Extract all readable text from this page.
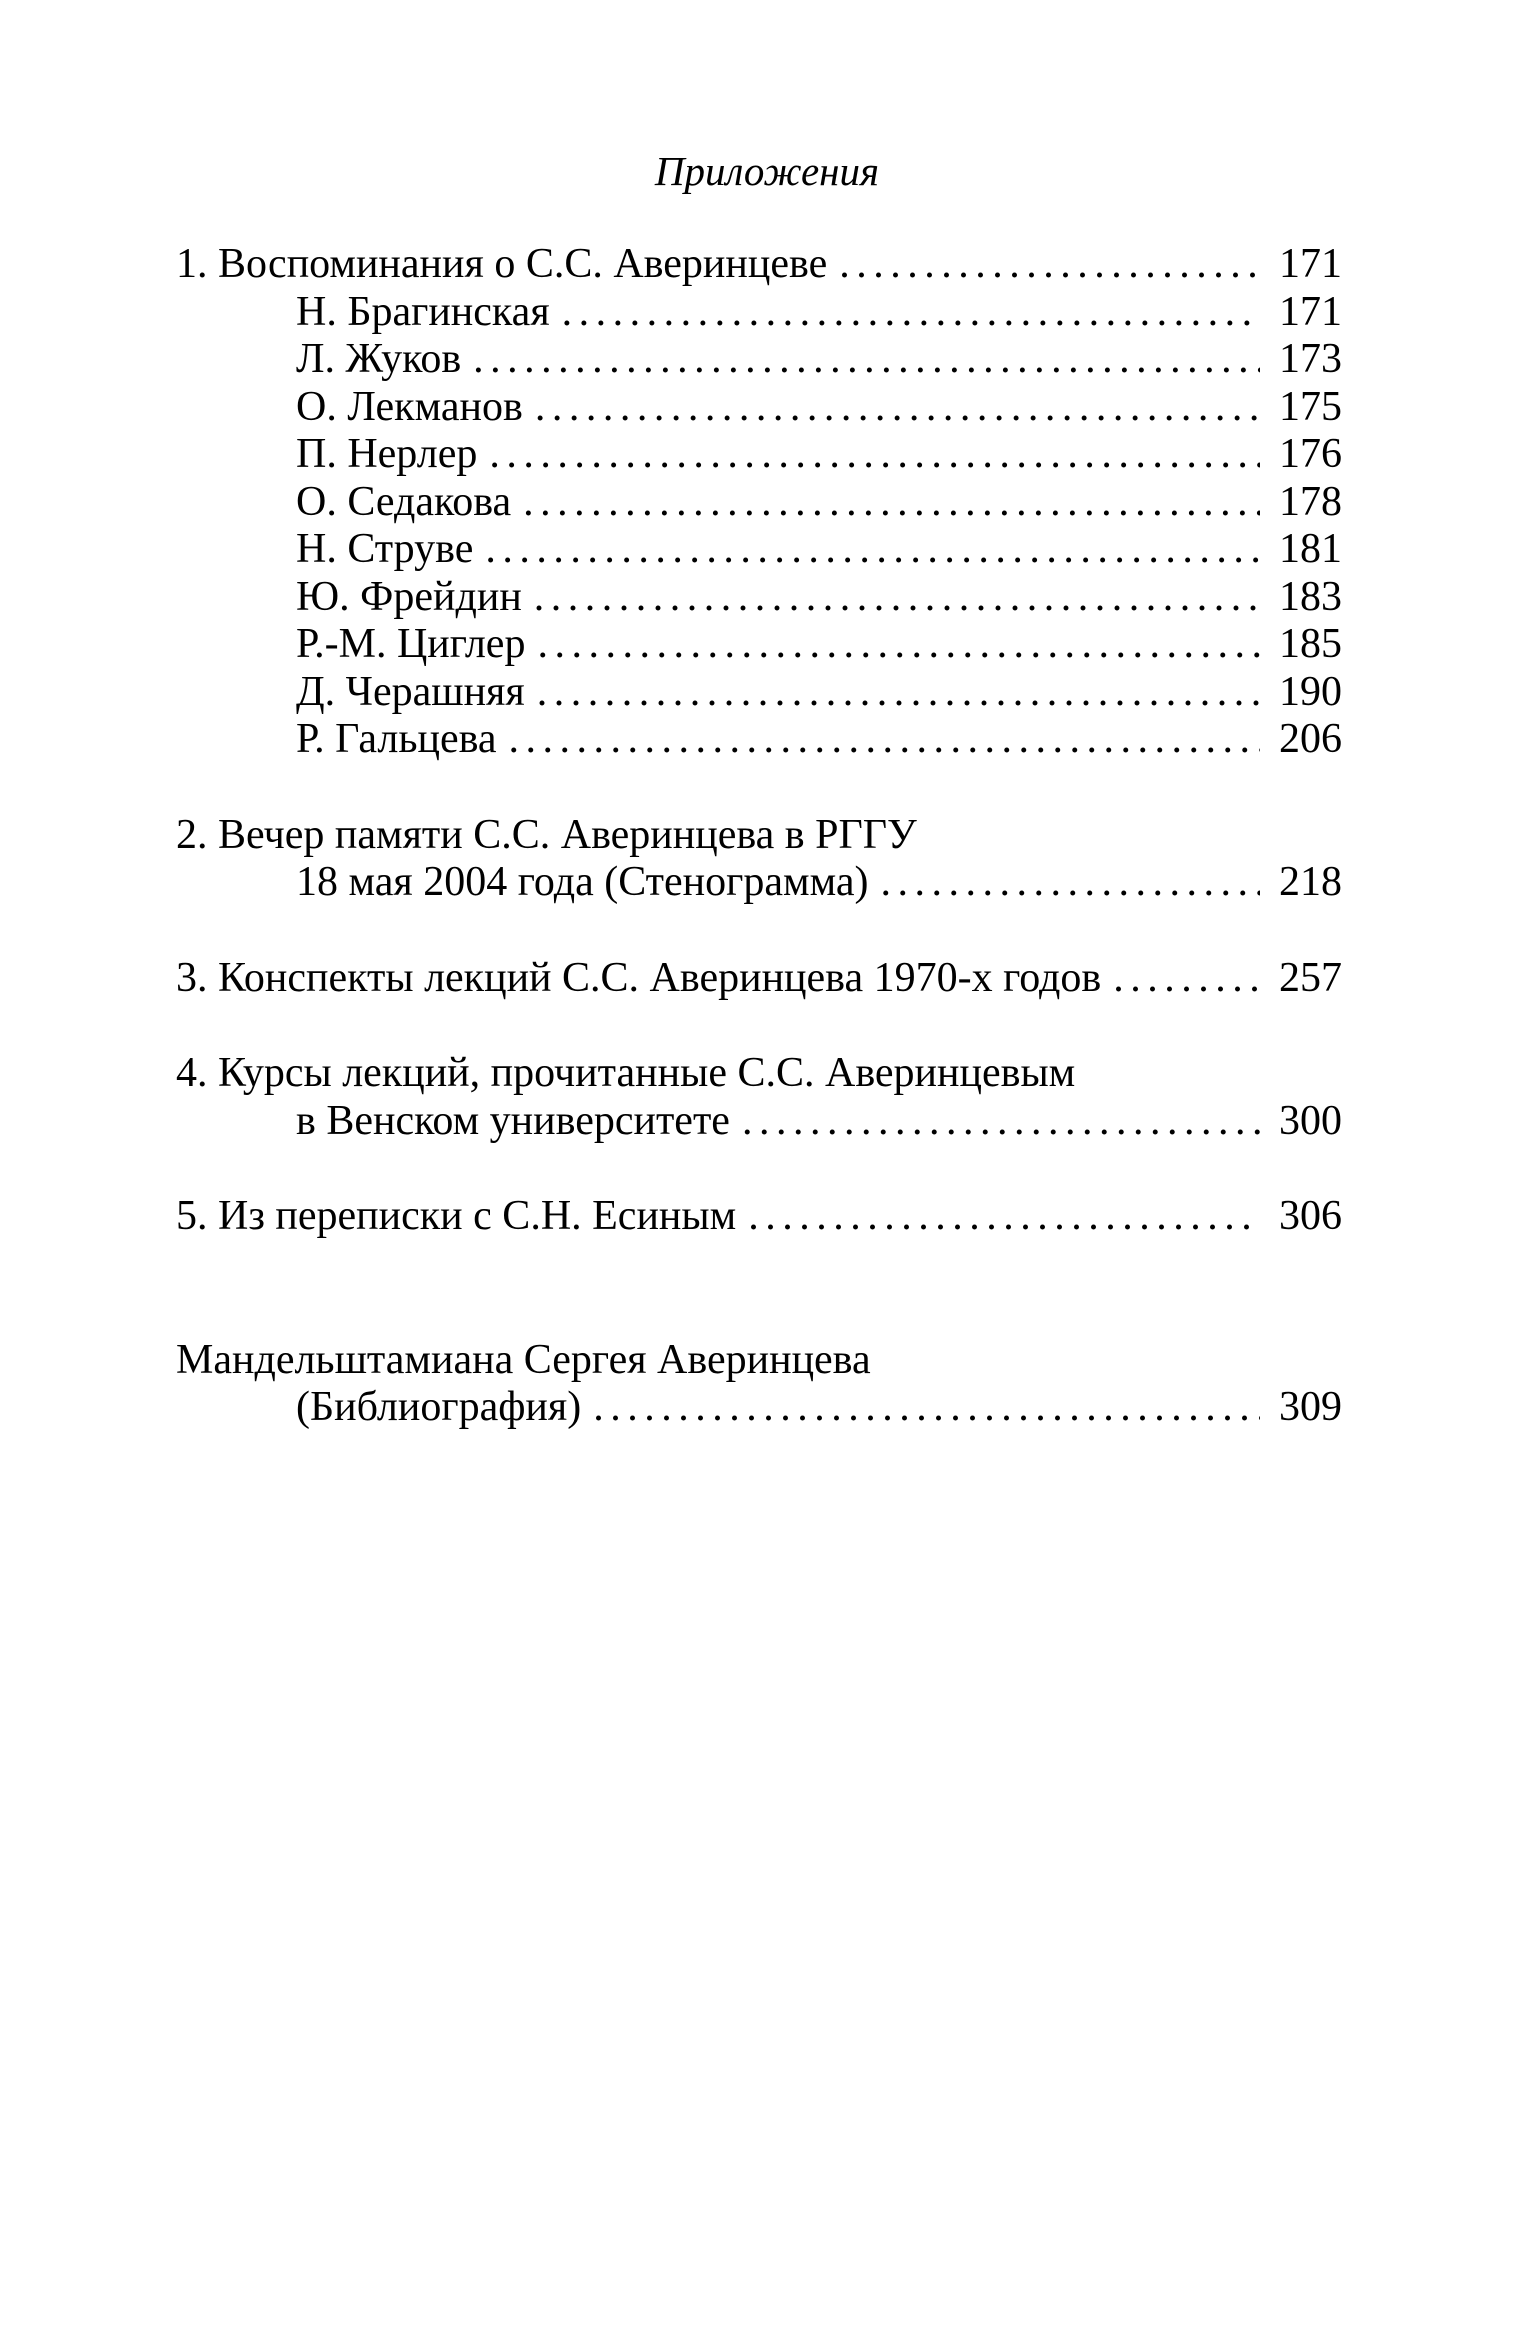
Приложения
1. Воспоминания о С.С. Аверинцеве . . .	171
Н. Брагинская . . .	171
Л. Жуков . . .	173
О. Лекманов . . .	175
П. Нерлер . . .	176
О. Седакова . . .	178
Н. Струве . . .	181
Ю. Фрейдин . . .	183
Р.-М. Циглер . . .	185
Д. Черашняя . . .	190
Р. Гальцева . . .	206
2. Вечер памяти С.С. Аверинцева в РГГУ
18 мая 2004 года (Стенограмма) . . .	218
3. Конспекты лекций С.С. Аверинцева 1970-х годов . . .	257
4. Курсы лекций, прочитанные С.С. Аверинцевым
в Венском университете . . .	300
5. Из переписки с С.Н. Есиным . . .	306
Мандельштамиана Сергея Аверинцева
(Библиография) . . .	309
